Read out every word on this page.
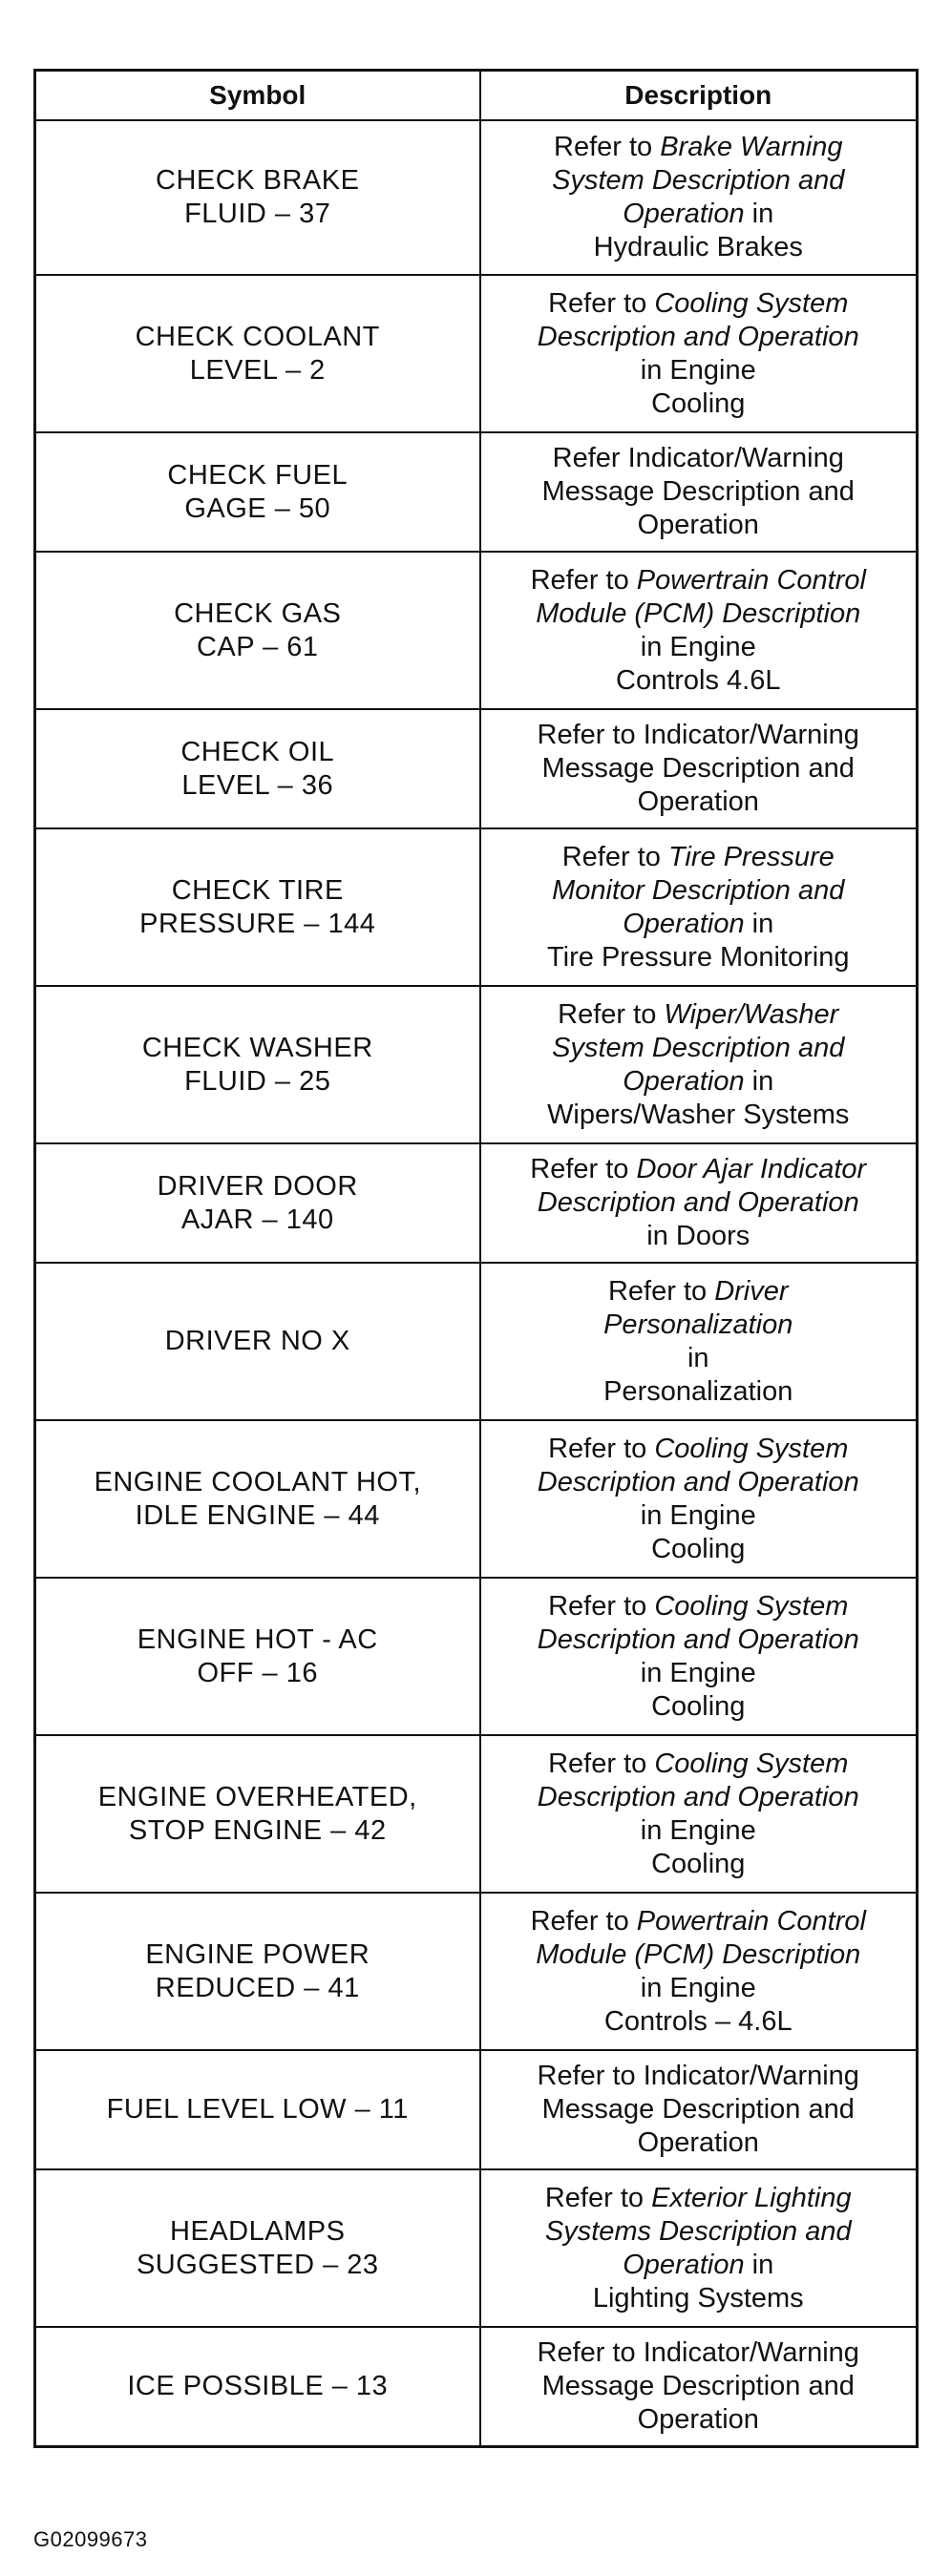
Symbol	Description

CHECK BRAKE
FLUID – 37	Refer to Brake Warning
System Description and
Operation in
Hydraulic Brakes

CHECK COOLANT
LEVEL – 2	Refer to Cooling System
Description and Operation
in Engine
Cooling

CHECK FUEL
GAGE – 50	Refer Indicator/Warning
Message Description and
Operation

CHECK GAS
CAP – 61	Refer to Powertrain Control
Module (PCM) Description
in Engine
Controls 4.6L

CHECK OIL
LEVEL – 36	Refer to Indicator/Warning
Message Description and
Operation

CHECK TIRE
PRESSURE – 144	Refer to Tire Pressure
Monitor Description and
Operation in
Tire Pressure Monitoring

CHECK WASHER
FLUID – 25	Refer to Wiper/Washer
System Description and
Operation in
Wipers/Washer Systems

DRIVER DOOR
AJAR – 140	Refer to Door Ajar Indicator
Description and Operation
in Doors

DRIVER NO X	Refer to Driver
Personalization
in
Personalization

ENGINE COOLANT HOT,
IDLE ENGINE – 44	Refer to Cooling System
Description and Operation
in Engine
Cooling

ENGINE HOT - AC
OFF – 16	Refer to Cooling System
Description and Operation
in Engine
Cooling

ENGINE OVERHEATED,
STOP ENGINE – 42	Refer to Cooling System
Description and Operation
in Engine
Cooling

ENGINE POWER
REDUCED – 41	Refer to Powertrain Control
Module (PCM) Description
in Engine
Controls – 4.6L

FUEL LEVEL LOW – 11	Refer to Indicator/Warning
Message Description and
Operation

HEADLAMPS
SUGGESTED – 23	Refer to Exterior Lighting
Systems Description and
Operation in
Lighting Systems

ICE POSSIBLE – 13	Refer to Indicator/Warning
Message Description and
Operation
G02099673
